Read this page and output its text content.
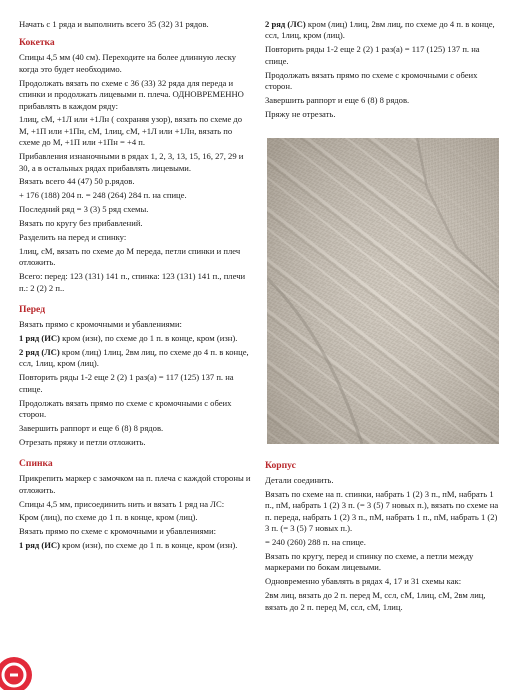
Начать с 1 ряда и выполнить всего 35 (32) 31 рядов.

Кокетка

Спицы 4,5 мм (40 см). Переходите на более длинную леску когда это будет необходимо.

Продолжать вязать по схеме с 36 (33) 32 ряда для переда и спинки и продолжать лицевыми п. плеча. ОДНОВРЕМЕННО прибавлять в каждом ряду:

1лиц, сМ, +1Л или +1Лн ( сохраняя узор), вязать по схеме до М, +1П или +1Пн, сМ, 1лиц, сМ, +1Л или +1Лн, вязать по схеме до М, +1П или +1Пн = +4 п.

Прибавления изнаночными в рядах 1, 2, 3, 13, 15, 16, 27, 29 и 30, а в остальных рядах прибавлять лицевыми.

Вязать всего 44 (47) 50 р.рядов.

+ 176 (188) 204 п. = 248 (264) 284 п. на спице.

Последний ряд = 3 (3) 5 ряд схемы.

Вязать по кругу без прибавлений.

Разделить на перед и спинку:

1лиц, сМ, вязать по схеме до М переда, петли спинки и плеч отложить.

Всего: перед: 123 (131) 141 п., спинка: 123 (131) 141 п., плечи п.: 2 (2) 2 п..

Перед

Вязать прямо с кромочными и убавлениями:

1 ряд (ИС) кром (изн), по схеме до 1 п. в конце, кром (изн).

2 ряд (ЛС) кром (лиц) 1лиц, 2вм лиц, по схеме до 4 п. в конце, ссл, 1лиц, кром (лиц).

Повторить ряды 1-2 еще 2 (2) 1 раз(а) = 117 (125) 137 п. на спице.

Продолжать вязать прямо по схеме с кромочными с обеих сторон.

Завершить раппорт и еще 6 (8) 8 рядов.

Отрезать пряжу и петли отложить.

Спинка

Прикрепить маркер с замочком на п. плеча с каждой стороны и отложить.

Спицы 4,5 мм, присоединить нить и вязать 1 ряд на ЛС:

Кром (лиц), по схеме до 1 п. в конце, кром (лиц).

Вязать прямо по схеме с кромочными и убавлениями:

1 ряд (ИС) кром (изн), по схеме до 1 п. в конце, кром (изн).

2 ряд (ЛС) кром (лиц) 1лиц, 2вм лиц, по схеме до 4 п. в конце, ссл, 1лиц, кром (лиц).

Повторить ряды 1-2 еще 2 (2) 1 раз(а) = 117 (125) 137 п. на спице.

Продолжать вязать прямо по схеме с кромочными с обеих сторон.

Завершить раппорт и еще 6 (8) 8 рядов.

Пряжу не отрезать.

Корпус

Детали соединить.

Вязать по схеме на п. спинки, набрать 1 (2) 3 п., пМ, набрать 1 п., пМ, набрать 1 (2) 3 п. (= 3 (5) 7 новых п.), вязать по схеме на п. переда, набрать 1 (2) 3 п., пМ, набрать 1 п., пМ, набрать 1 (2) 3 п. (= 3 (5) 7 новых п.).

= 240 (260) 288 п. на спице.

Вязать по кругу, перед и спинку по схеме, а петли между маркерами по бокам лицевыми.

Одновременно убавлять в рядах 4, 17 и 31 схемы как:

2вм лиц, вязать до 2 п. перед М, ссл, сМ, 1лиц, сМ, 2вм лиц, вязать до 2 п. перед М, ссл, сМ, 1лиц.
